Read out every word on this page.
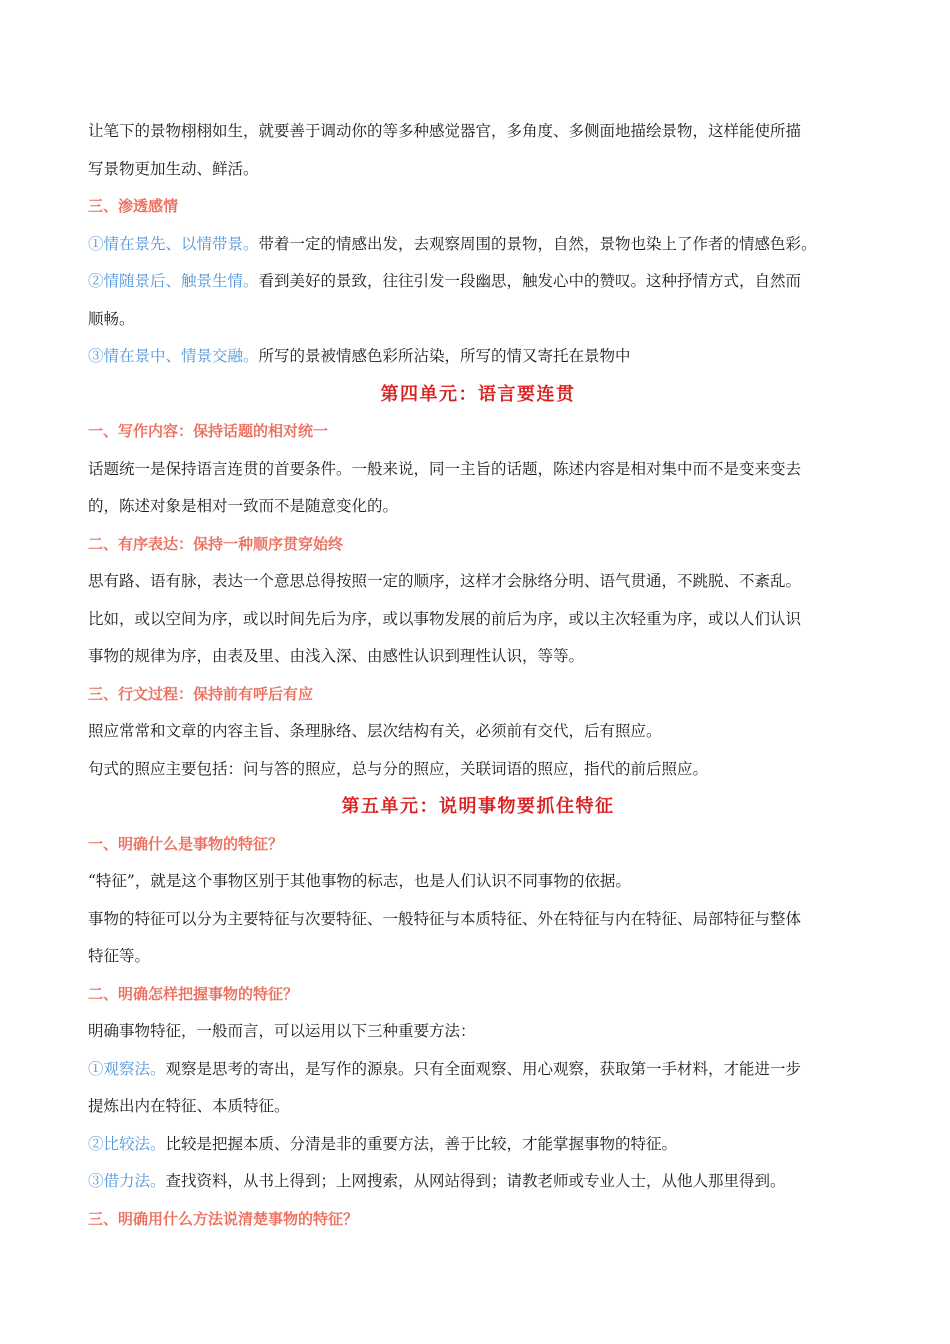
让笔下的景物栩栩如生，就要善于调动你的等多种感觉器官，多角度、多侧面地描绘景物，这样能使所描
写景物更加生动、鲜活。
三、渗透感情
①情在景先、以情带景。带着一定的情感出发，去观察周围的景物，自然，景物也染上了作者的情感色彩。
②情随景后、触景生情。看到美好的景致，往往引发一段幽思，触发心中的赞叹。这种抒情方式，自然而
顺畅。
③情在景中、情景交融。所写的景被情感色彩所沾染，所写的情又寄托在景物中
第四单元：语言要连贯
一、写作内容：保持话题的相对统一
话题统一是保持语言连贯的首要条件。一般来说，同一主旨的话题，陈述内容是相对集中而不是变来变去
的，陈述对象是相对一致而不是随意变化的。
二、有序表达：保持一种顺序贯穿始终
思有路、语有脉，表达一个意思总得按照一定的顺序，这样才会脉络分明、语气贯通，不跳脱、不紊乱。
比如，或以空间为序，或以时间先后为序，或以事物发展的前后为序，或以主次轻重为序，或以人们认识
事物的规律为序，由表及里、由浅入深、由感性认识到理性认识，等等。
三、行文过程：保持前有呼后有应
照应常常和文章的内容主旨、条理脉络、层次结构有关，必须前有交代，后有照应。
句式的照应主要包括：问与答的照应，总与分的照应，关联词语的照应，指代的前后照应。
第五单元：说明事物要抓住特征
一、明确什么是事物的特征？
“特征”，就是这个事物区别于其他事物的标志，也是人们认识不同事物的依据。
事物的特征可以分为主要特征与次要特征、一般特征与本质特征、外在特征与内在特征、局部特征与整体
特征等。
二、明确怎样把握事物的特征？
明确事物特征，一般而言，可以运用以下三种重要方法：
①观察法。观察是思考的寄出，是写作的源泉。只有全面观察、用心观察，获取第一手材料，才能进一步
提炼出内在特征、本质特征。
②比较法。比较是把握本质、分清是非的重要方法，善于比较，才能掌握事物的特征。
③借力法。查找资料，从书上得到；上网搜索，从网站得到；请教老师或专业人士，从他人那里得到。
三、明确用什么方法说清楚事物的特征？
